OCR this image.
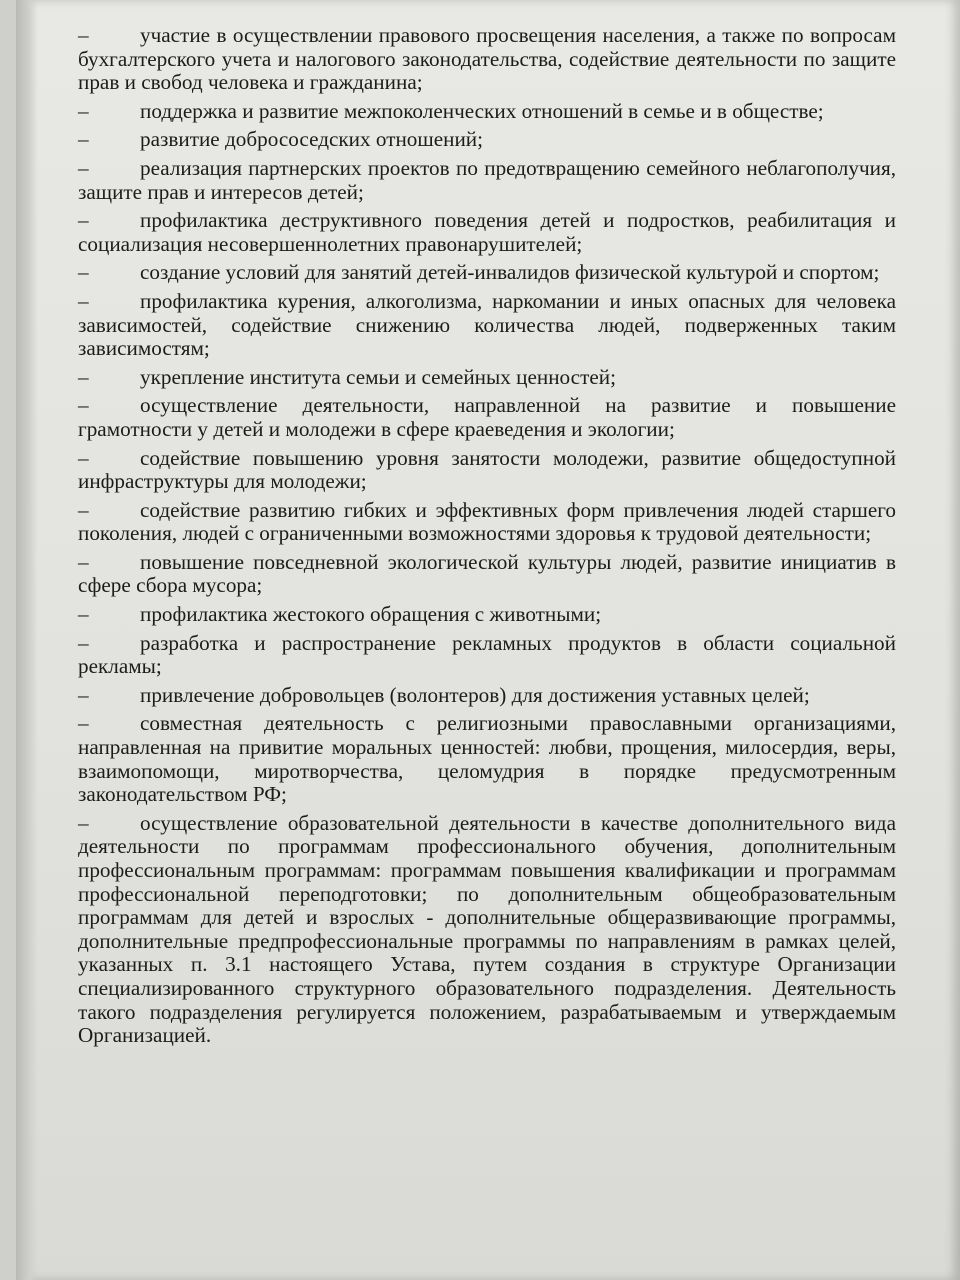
– участие в осуществлении правового просвещения населения, а также по вопросам бухгалтерского учета и налогового законодательства, содействие деятельности по защите прав и свобод человека и гражданина;

– поддержка и развитие межпоколенческих отношений в семье и в обществе;

– развитие добрососедских отношений;

– реализация партнерских проектов по предотвращению семейного неблагополучия, защите прав и интересов детей;

– профилактика деструктивного поведения детей и подростков, реабилитация и социализация несовершеннолетних правонарушителей;

– создание условий для занятий детей-инвалидов физической культурой и спортом;

– профилактика курения, алкоголизма, наркомании и иных опасных для человека зависимостей, содействие снижению количества людей, подверженных таким зависимостям;

– укрепление института семьи и семейных ценностей;

– осуществление деятельности, направленной на развитие и повышение грамотности у детей и молодежи в сфере краеведения и экологии;

– содействие повышению уровня занятости молодежи, развитие общедоступной инфраструктуры для молодежи;

– содействие развитию гибких и эффективных форм привлечения людей старшего поколения, людей с ограниченными возможностями здоровья к трудовой деятельности;

– повышение повседневной экологической культуры людей, развитие инициатив в сфере сбора мусора;

– профилактика жестокого обращения с животными;

– разработка и распространение рекламных продуктов в области социальной рекламы;

– привлечение добровольцев (волонтеров) для достижения уставных целей;

– совместная деятельность с религиозными православными организациями, направленная на привитие моральных ценностей: любви, прощения, милосердия, веры, взаимопомощи, миротворчества, целомудрия в порядке предусмотренным законодательством РФ;

– осуществление образовательной деятельности в качестве дополнительного вида деятельности по программам профессионального обучения, дополнительным профессиональным программам: программам повышения квалификации и программам профессиональной переподготовки; по дополнительным общеобразовательным программам для детей и взрослых - дополнительные общеразвивающие программы, дополнительные предпрофессиональные программы по направлениям в рамках целей, указанных п. 3.1 настоящего Устава, путем создания в структуре Организации специализированного структурного образовательного подразделения. Деятельность такого подразделения регулируется положением, разрабатываемым и утверждаемым Организацией.
